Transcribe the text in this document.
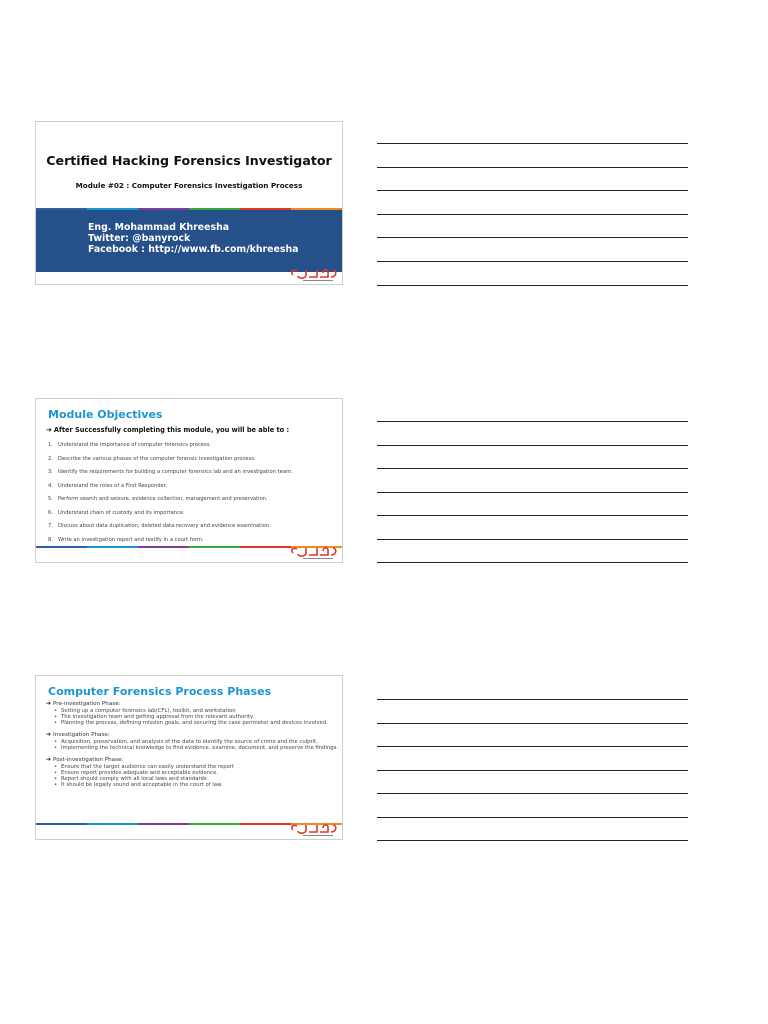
Certified Hacking Forensics Investigator
Module #02 : Computer Forensics Investigation Process
Eng. Mohammad Khreesha
Twitter: @banyrock
Facebook : http://www.fb.com/khreesha
Module Objectives
➔ After Successfully completing this module, you will be able to :
1. Understand the importance of computer forensics process.
2. Describe the various phases of the computer forensic investigation process.
3. Identify the requirements for building a computer forensics lab and an investigation team.
4. Understand the roles of a First Responder.
5. Perform search and seizure, evidence collection, management and preservation.
6. Understand chain of custody and its importance.
7. Discuss about data duplication, deleted data recovery and evidence examination.
8. Write an investigation report and testify in a court form.
Computer Forensics Process Phases
➔ Pre-investigation Phase:
• Setting up a computer forensics lab(CFL), toolkit, and workstation
• The investigation team and getting approval from the relevant authority
• Planning the process, defining mission goals, and securing the case perimeter and devices involved.
➔ Investigation Phase:
• Acquisition, preservation, and analysis of the data to identify the source of crime and the culprit.
• Implementing the technical knowledge to find evidence, examine, document, and preserve the findings.
➔ Post-investigation Phase:
• Ensure that the target audience can easily understand the report
• Ensure report provides adequate and acceptable evidence.
• Report should comply with all local laws and standards
• It should be legally sound and acceptable in the court of law.
